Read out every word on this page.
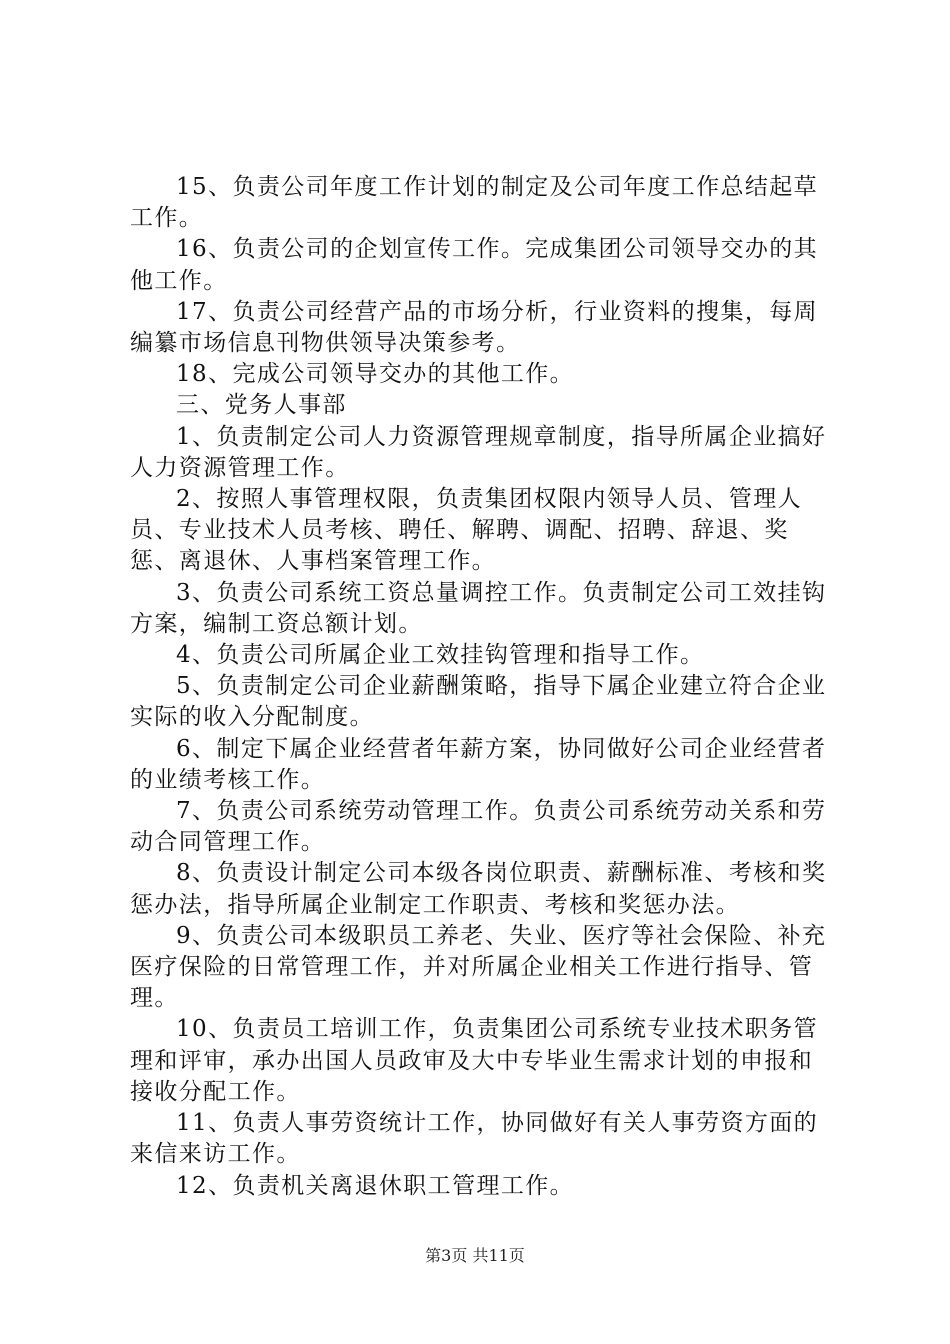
15、负责公司年度工作计划的制定及公司年度工作总结起草工作。

16、负责公司的企划宣传工作。完成集团公司领导交办的其他工作。

17、负责公司经营产品的市场分析，行业资料的搜集，每周编纂市场信息刊物供领导决策参考。

18、完成公司领导交办的其他工作。

三、党务人事部

1、负责制定公司人力资源管理规章制度，指导所属企业搞好人力资源管理工作。

2、按照人事管理权限，负责集团权限内领导人员、管理人员、专业技术人员考核、聘任、解聘、调配、招聘、辞退、奖惩、离退休、人事档案管理工作。

3、负责公司系统工资总量调控工作。负责制定公司工效挂钩方案，编制工资总额计划。

4、负责公司所属企业工效挂钩管理和指导工作。

5、负责制定公司企业薪酬策略，指导下属企业建立符合企业实际的收入分配制度。

6、制定下属企业经营者年薪方案，协同做好公司企业经营者的业绩考核工作。

7、负责公司系统劳动管理工作。负责公司系统劳动关系和劳动合同管理工作。

8、负责设计制定公司本级各岗位职责、薪酬标准、考核和奖惩办法，指导所属企业制定工作职责、考核和奖惩办法。

9、负责公司本级职员工养老、失业、医疗等社会保险、补充医疗保险的日常管理工作，并对所属企业相关工作进行指导、管理。

10、负责员工培训工作，负责集团公司系统专业技术职务管理和评审，承办出国人员政审及大中专毕业生需求计划的申报和接收分配工作。

11、负责人事劳资统计工作，协同做好有关人事劳资方面的来信来访工作。

12、负责机关离退休职工管理工作。

第3页 共11页
